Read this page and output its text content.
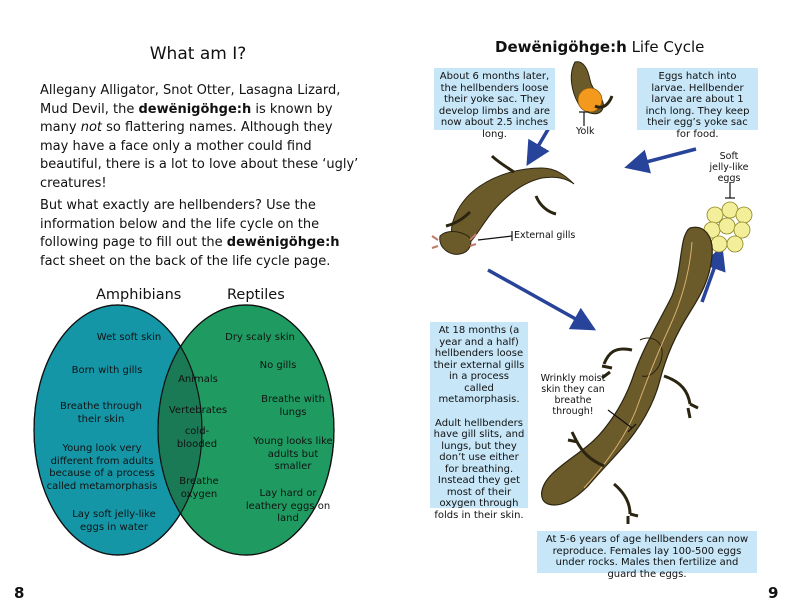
What am I?

Allegany Alligator, Snot Otter, Lasagna Lizard, Mud Devil, the dewënigöhge:h is known by many not so flattering names. Although they may have a face only a mother could find beautiful, there is a lot to love about these ‘ugly’ creatures!

But what exactly are hellbenders? Use the information below and the life cycle on the following page to fill out the dewënigöhge:h fact sheet on the back of the life cycle page.

Amphibians	Reptiles
Wet soft skin
Born with gills
Breathe through their skin
Young look very different from adults because of a process called metamorphasis
Lay soft jelly-like eggs in water
Animals
Vertebrates
cold-blooded
Breathe oxygen
Dry scaly skin
No gills
Breathe with lungs
Young looks like adults but smaller
Lay hard or leathery eggs on land
8
Dewënigöhge:h Life Cycle
About 6 months later, the hellbenders loose their yoke sac. They develop limbs and are now about 2.5 inches long.
Eggs hatch into larvae. Hellbender larvae are about 1 inch long. They keep their egg’s yoke sac for food.
At 18 months (a year and a half) hellbenders loose their external gills in a process called metamorphasis.
Adult hellbenders have gill slits, and lungs, but they don’t use either for breathing. Instead they get most of their oxygen through folds in their skin.
At 5-6 years of age hellbenders can now reproduce. Females lay 100-500 eggs under rocks. Males then fertilize and guard the eggs.
Yolk
External gills
Soft jelly-like eggs
Wrinkly moist skin they can breathe through!
9
